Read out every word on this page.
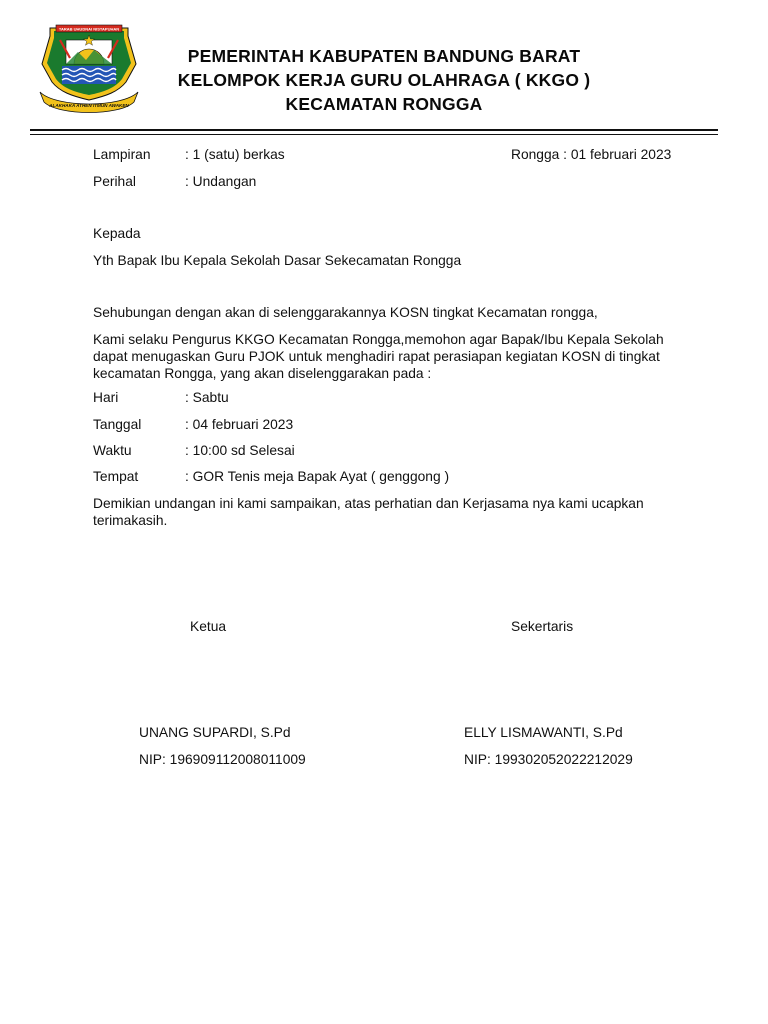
TARAB UHUDNAI NISTAPUHAN
ALAKHAKA ATHEN ITMUN AWAKEN
PEMERINTAH KABUPATEN BANDUNG BARAT
KELOMPOK KERJA GURU OLAHRAGA ( KKGO )
KECAMATAN RONGGA
Lampiran : 1 (satu) berkas	Rongga : 01 februari 2023
Perihal	: Undangan
Kepada
Yth Bapak Ibu Kepala Sekolah Dasar Sekecamatan Rongga
Sehubungan dengan akan di selenggarakannya KOSN tingkat Kecamatan rongga,
Kami selaku Pengurus KKGO Kecamatan Rongga,memohon agar Bapak/Ibu Kepala Sekolah dapat menugaskan Guru PJOK untuk menghadiri rapat perasiapan kegiatan KOSN di tingkat kecamatan Rongga, yang akan diselenggarakan pada :
Hari	: Sabtu
Tanggal	: 04 februari 2023
Waktu	: 10:00 sd Selesai
Tempat	: GOR Tenis meja Bapak Ayat ( genggong )
Demikian undangan ini kami sampaikan, atas perhatian dan Kerjasama nya kami ucapkan terimakasih.
Ketua	Sekertaris
UNANG SUPARDI, S.Pd	ELLY LISMAWANTI, S.Pd
NIP: 196909112008011009	NIP: 199302052022212029
